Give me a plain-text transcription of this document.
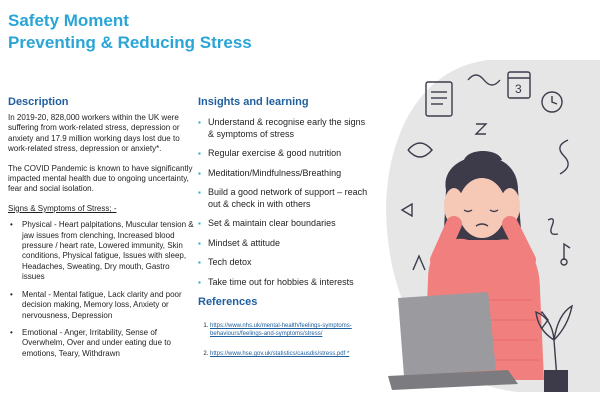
Safety Moment
Preventing & Reducing Stress
Description

In 2019-20, 828,000 workers within the UK were suffering from work-related stress, depression or anxiety and 17.9 million working days lost due to work-related stress, depression or anxiety*.

The COVID Pandemic is known to have significantly impacted mental health due to ongoing uncertainty, fear and social isolation.

Signs & Symptoms of Stress; -

• Physical - Heart palpitations, Muscular tension & jaw issues from clenching, Increased blood pressure / heart rate, Lowered immunity, Skin conditions, Physical fatigue, Issues with sleep, Headaches, Sweating, Dry mouth, Gastro issues
• Mental - Mental fatigue, Lack clarity and poor decision making, Memory loss, Anxiety or nervousness, Depression
• Emotional - Anger, Irritability, Sense of Overwhelm, Over and under eating due to emotions, Teary, Withdrawn
Insights and learning
▪ Understand & recognise early the signs & symptoms of stress
▪ Regular exercise & good nutrition
▪ Meditation/Mindfulness/Breathing
▪ Build a good network of support – reach out & check in with others
▪ Set & maintain clear boundaries
▪ Mindset & attitude
▪ Tech detox
▪ Take time out for hobbies & interests
References
1. https://www.nhs.uk/mental-health/feelings-symptoms-behaviours/feelings-and-symptoms/stress/
2. https://www.hse.gov.uk/statistics/causdis/stress.pdf *
3
